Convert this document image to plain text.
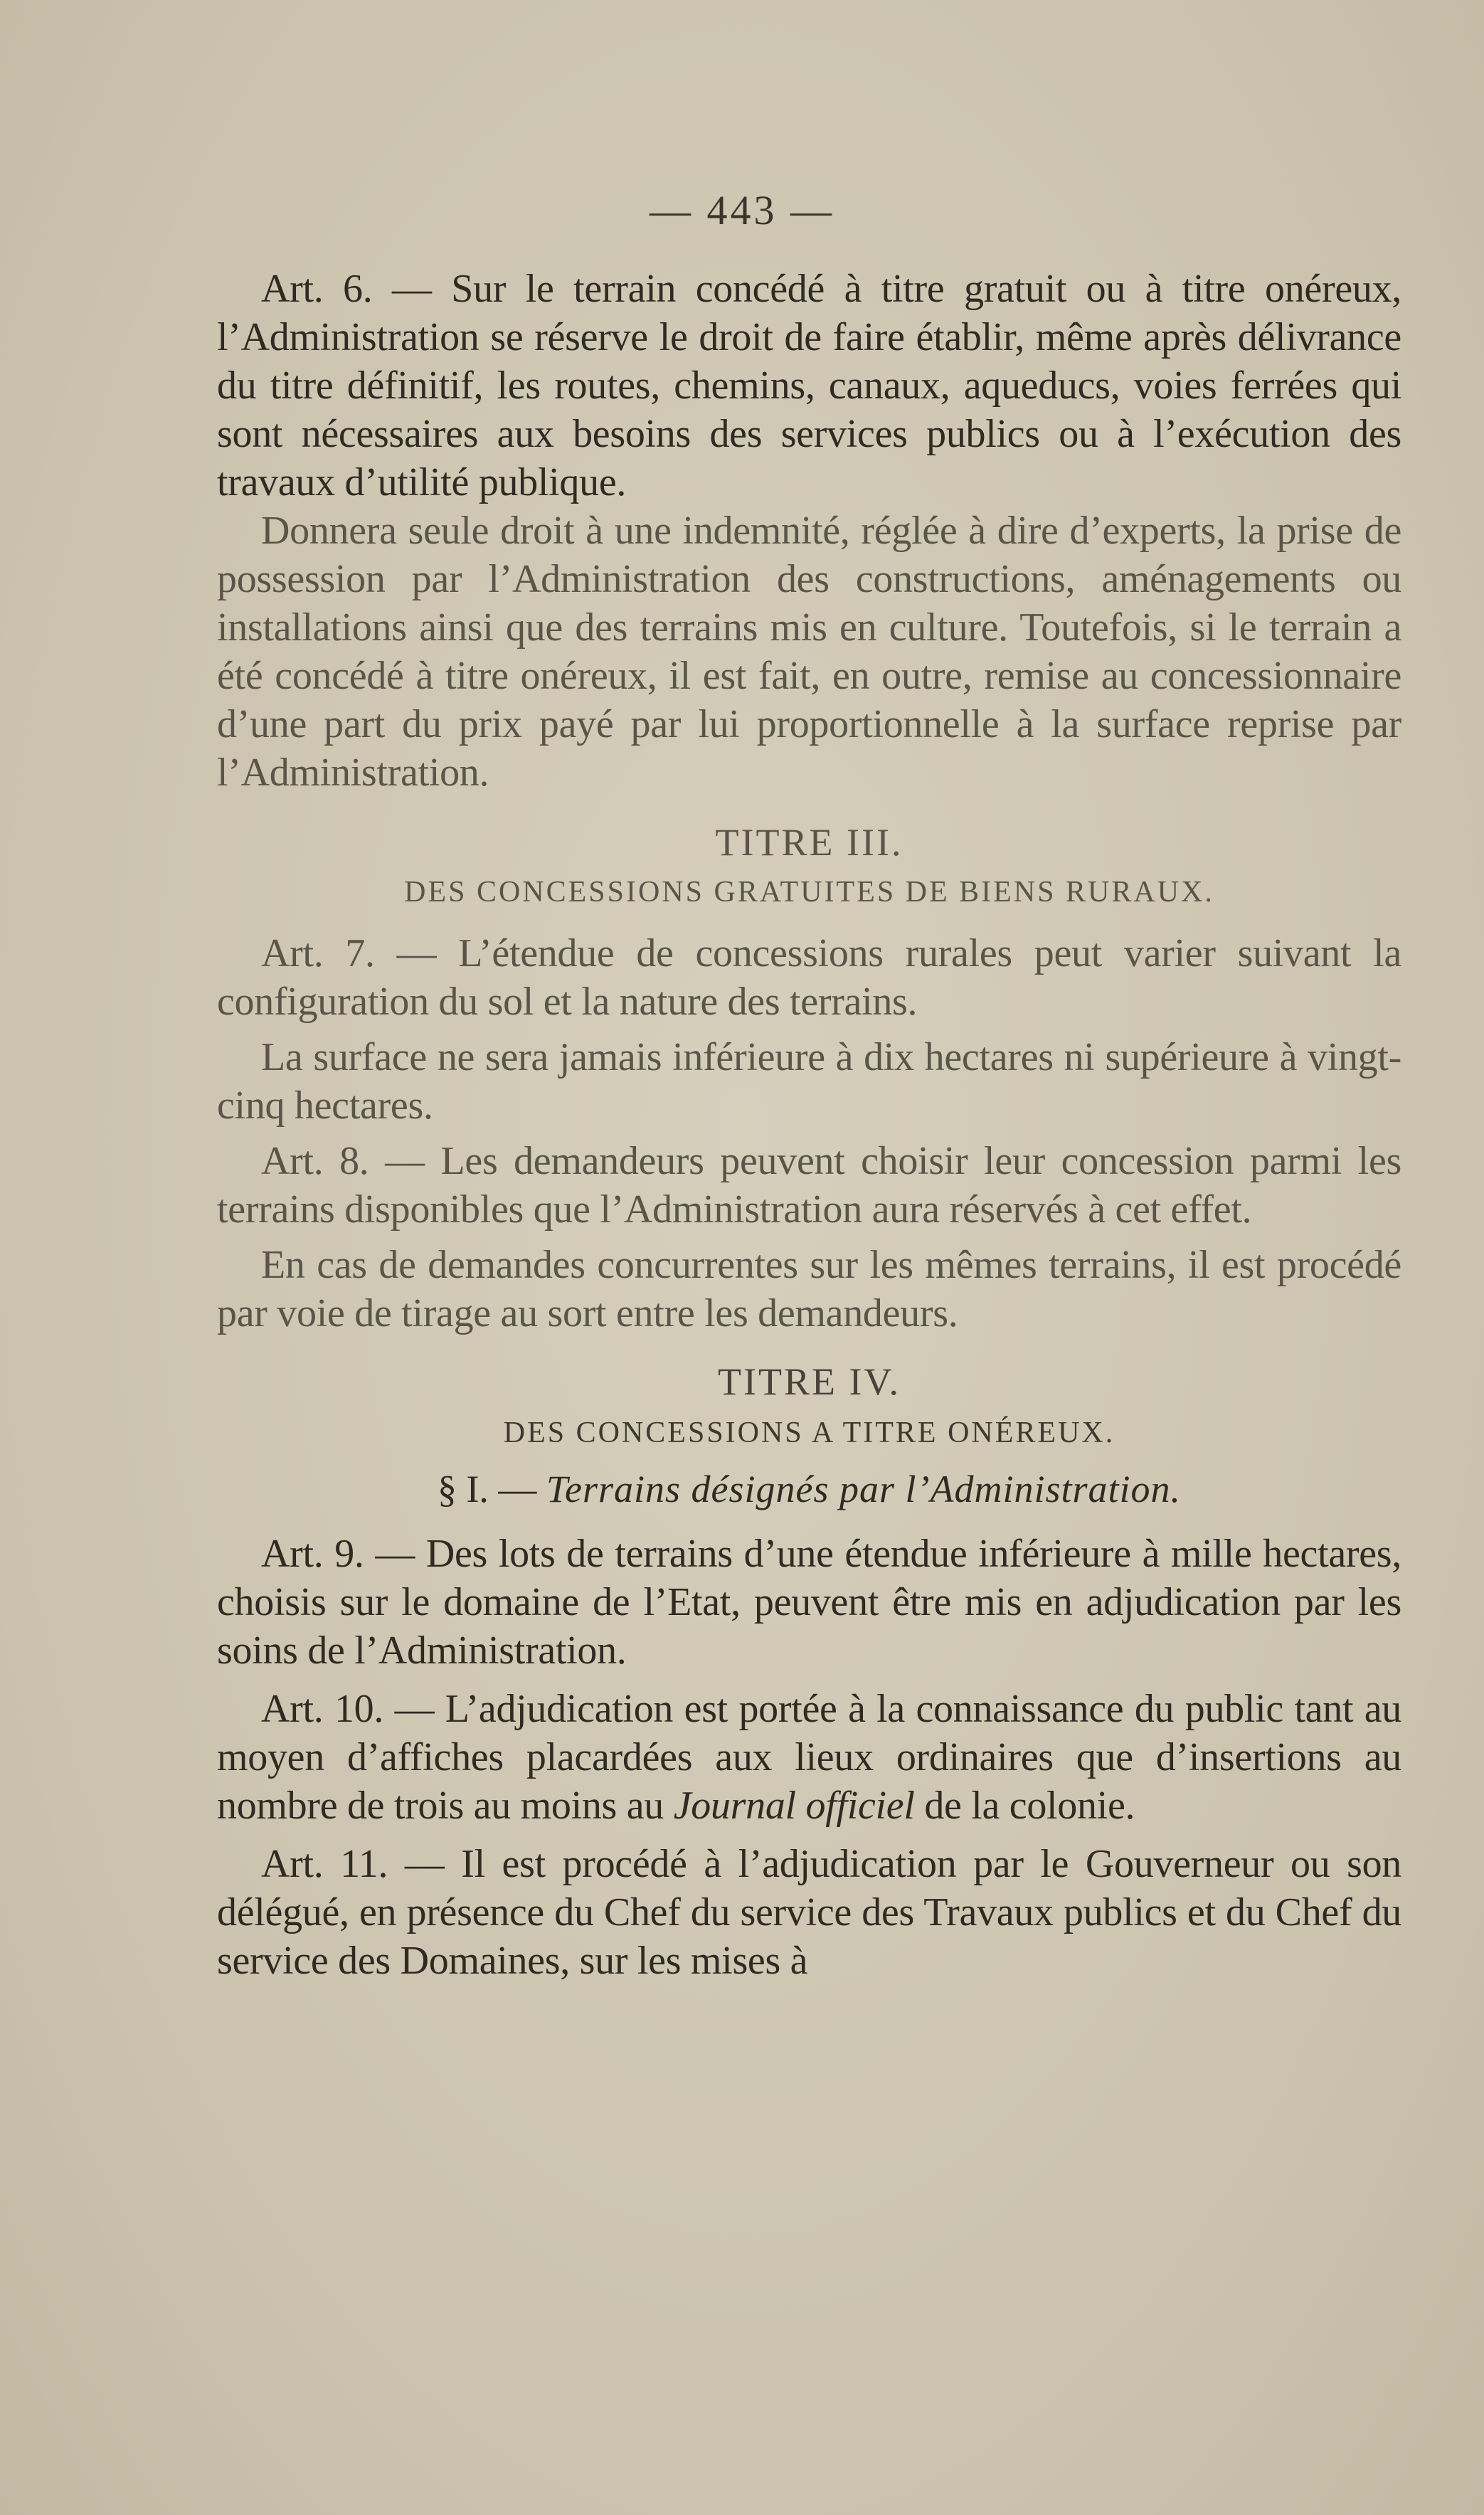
— 443 —

Art. 6. — Sur le terrain concédé à titre gratuit ou à titre onéreux, l’Administration se réserve le droit de faire établir, même après délivrance du titre définitif, les routes, chemins, canaux, aqueducs, voies ferrées qui sont nécessaires aux besoins des services publics ou à l’exécution des travaux d’utilité publique.

Donnera seule droit à une indemnité, réglée à dire d’experts, la prise de possession par l’Administration des constructions, aménagements ou installations ainsi que des terrains mis en culture. Toutefois, si le terrain a été concédé à titre onéreux, il est fait, en outre, remise au concessionnaire d’une part du prix payé par lui proportionnelle à la surface reprise par l’Administration.

TITRE III.

DES CONCESSIONS GRATUITES DE BIENS RURAUX.

Art. 7. — L’étendue de concessions rurales peut varier suivant la configuration du sol et la nature des terrains.

La surface ne sera jamais inférieure à dix hectares ni supérieure à vingt-cinq hectares.

Art. 8. — Les demandeurs peuvent choisir leur concession parmi les terrains disponibles que l’Administration aura réservés à cet effet.

En cas de demandes concurrentes sur les mêmes terrains, il est procédé par voie de tirage au sort entre les demandeurs.

TITRE IV.

DES CONCESSIONS A TITRE ONÉREUX.

§ I. — Terrains désignés par l’Administration.

Art. 9. — Des lots de terrains d’une étendue inférieure à mille hectares, choisis sur le domaine de l’Etat, peuvent être mis en adjudication par les soins de l’Administration.

Art. 10. — L’adjudication est portée à la connaissance du public tant au moyen d’affiches placardées aux lieux ordinaires que d’insertions au nombre de trois au moins au Journal officiel de la colonie.

Art. 11. — Il est procédé à l’adjudication par le Gouverneur ou son délégué, en présence du Chef du service des Travaux publics et du Chef du service des Domaines, sur les mises à
